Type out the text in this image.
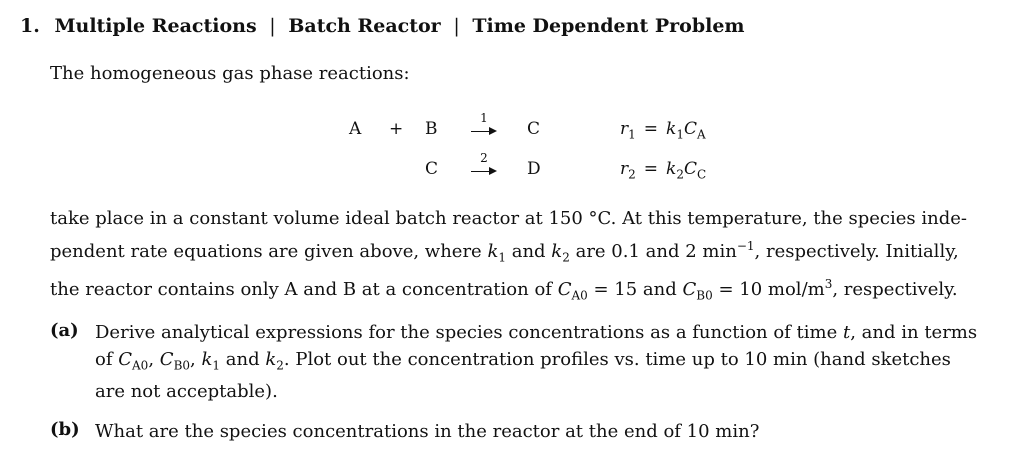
1. Multiple Reactions | Batch Reactor | Time Dependent Problem
The homogeneous gas phase reactions:
A + B
1
C	$r_1 = k_1C_A$
C
2
D	$r_2 = k_2C_C$
take place in a constant volume ideal batch reactor at 150 °C. At this temperature, the species inde-
pendent rate equations are given above, where $k_1$ and $k_2$ are 0.1 and 2 $\min^{-1}$, respectively. Initially,
the reactor contains only A and B at a concentration of $C_{A0} = 15$ and $C_{B0} = 10$ mol/$m^3$, respectively.
(a) Derive analytical expressions for the species concentrations as a function of time t, and in terms
of $C_{A0}$, $C_{B0}$, $k_1$ and $k_2$. Plot out the concentration profiles vs. time up to 10 min (hand sketches
are not acceptable).
(b) What are the species concentrations in the reactor at the end of 10 min?
